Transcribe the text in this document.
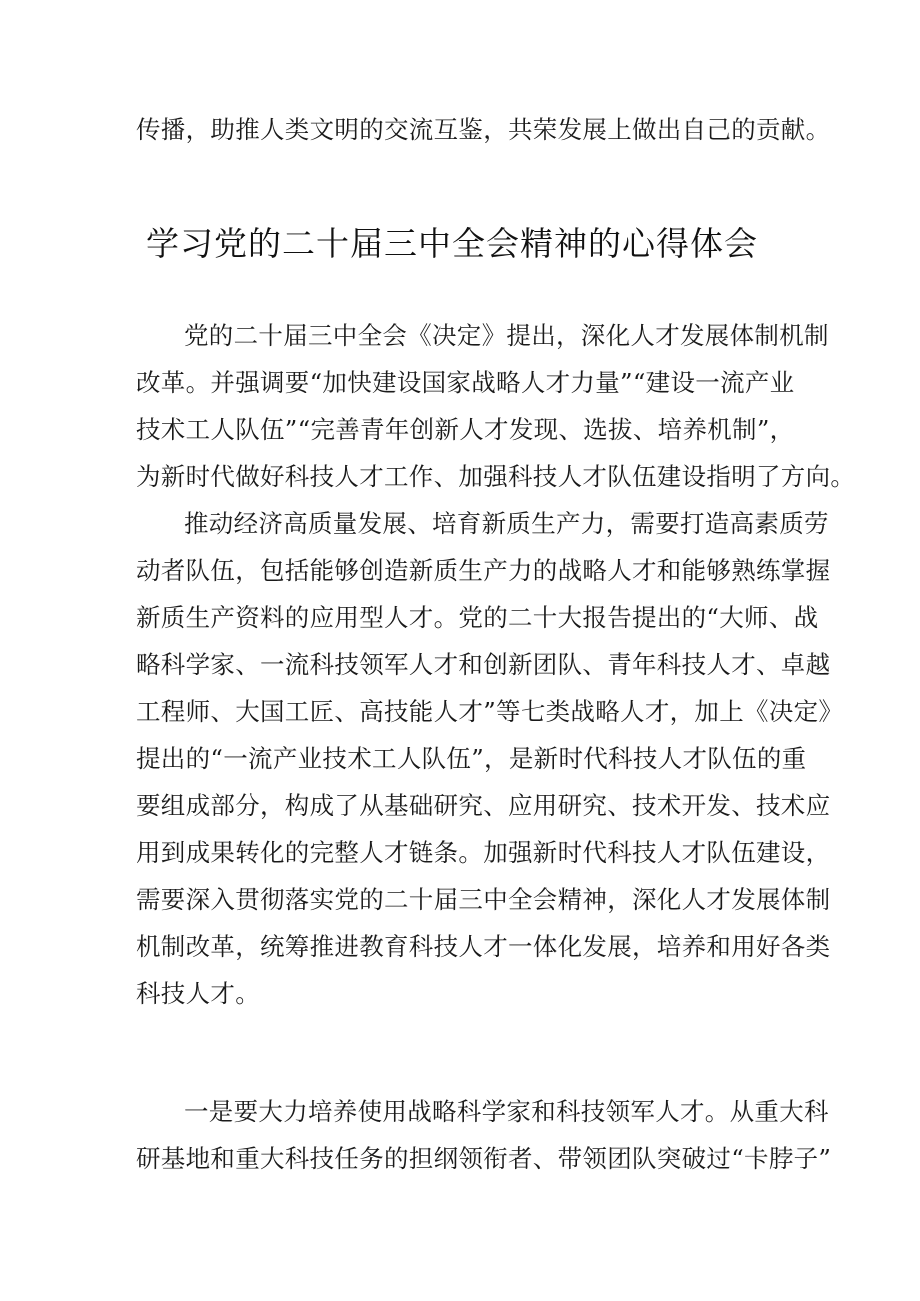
传播，助推人类文明的交流互鉴，共荣发展上做出自己的贡献。
学习党的二十届三中全会精神的心得体会
党的二十届三中全会《决定》提出，深化人才发展体制机制
改革。并强调要“加快建设国家战略人才力量”“建设一流产业
技术工人队伍”“完善青年创新人才发现、选拔、培养机制”，
为新时代做好科技人才工作、加强科技人才队伍建设指明了方向。
推动经济高质量发展、培育新质生产力，需要打造高素质劳
动者队伍，包括能够创造新质生产力的战略人才和能够熟练掌握
新质生产资料的应用型人才。党的二十大报告提出的“大师、战
略科学家、一流科技领军人才和创新团队、青年科技人才、卓越
工程师、大国工匠、高技能人才”等七类战略人才，加上《决定》
提出的“一流产业技术工人队伍”，是新时代科技人才队伍的重
要组成部分，构成了从基础研究、应用研究、技术开发、技术应
用到成果转化的完整人才链条。加强新时代科技人才队伍建设，
需要深入贯彻落实党的二十届三中全会精神，深化人才发展体制
机制改革，统筹推进教育科技人才一体化发展，培养和用好各类
科技人才。
一是要大力培养使用战略科学家和科技领军人才。从重大科
研基地和重大科技任务的担纲领衔者、带领团队突破过“卡脖子”
